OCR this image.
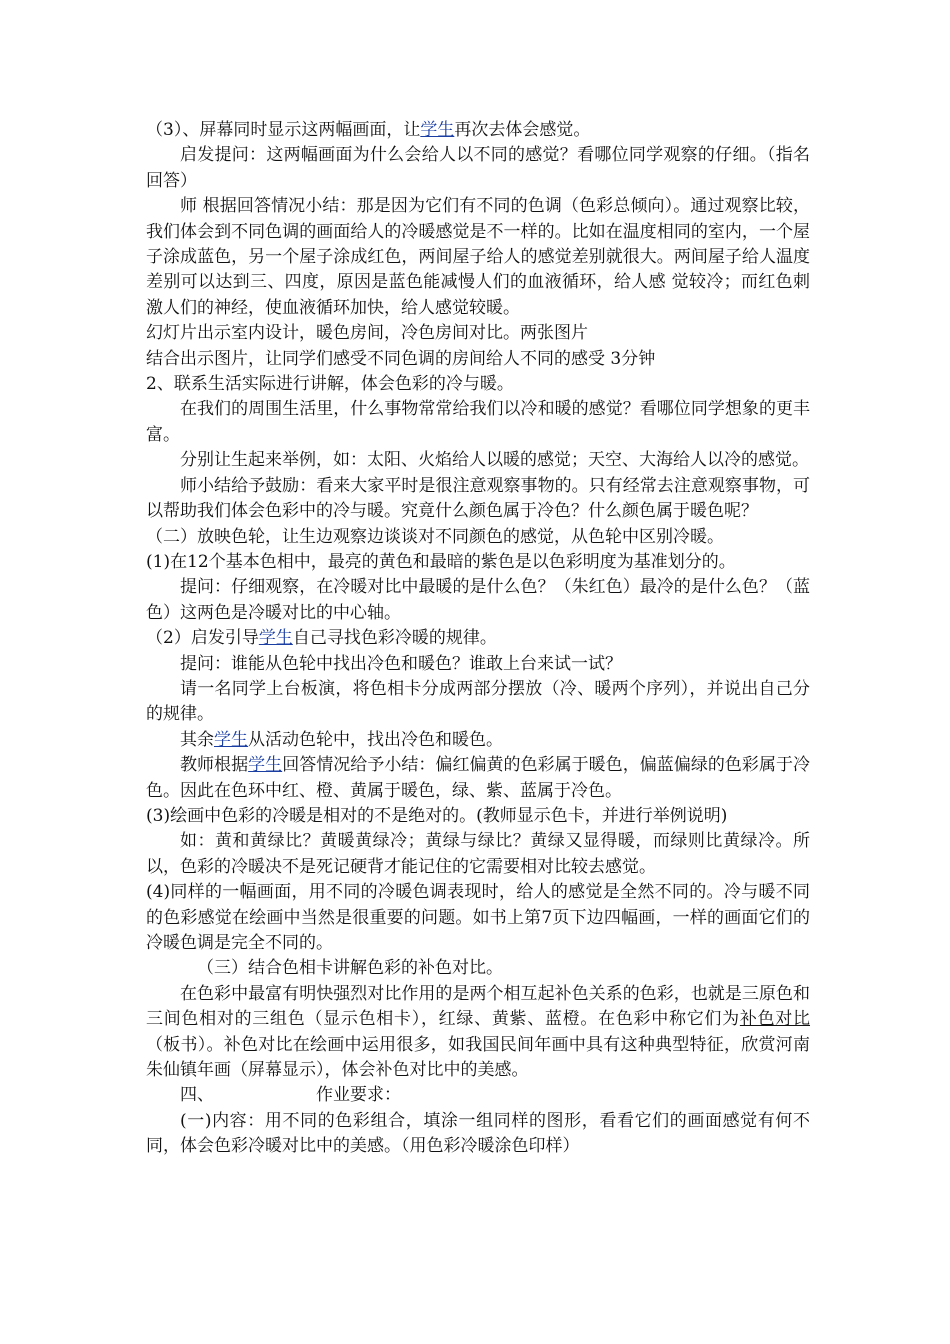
（3）、屏幕同时显示这两幅画面，让学生再次去体会感觉。

启发提问：这两幅画面为什么会给人以不同的感觉？看哪位同学观察的仔细。（指名回答）

师 根据回答情况小结：那是因为它们有不同的色调（色彩总倾向）。通过观察比较，我们体会到不同色调的画面给人的冷暖感觉是不一样的。比如在温度相同的室内，一个屋子涂成蓝色，另一个屋子涂成红色，两间屋子给人的感觉差别就很大。两间屋子给人温度差别可以达到三、四度，原因是蓝色能减慢人们的血液循环，给人感 觉较冷；而红色刺激人们的神经，使血液循环加快，给人感觉较暖。

幻灯片出示室内设计，暖色房间，冷色房间对比。两张图片

结合出示图片，让同学们感受不同色调的房间给人不同的感受 3分钟

2、联系生活实际进行讲解，体会色彩的冷与暖。

在我们的周围生活里，什么事物常常给我们以冷和暖的感觉？看哪位同学想象的更丰富。

分别让生起来举例，如：太阳、火焰给人以暖的感觉；天空、大海给人以冷的感觉。

师小结给予鼓励：看来大家平时是很注意观察事物的。只有经常去注意观察事物，可以帮助我们体会色彩中的冷与暖。究竟什么颜色属于冷色？什么颜色属于暖色呢？

（二）放映色轮，让生边观察边谈谈对不同颜色的感觉，从色轮中区别冷暖。

(1)在12个基本色相中，最亮的黄色和最暗的紫色是以色彩明度为基准划分的。

提问：仔细观察，在冷暖对比中最暖的是什么色？（朱红色）最冷的是什么色？（蓝色）这两色是冷暖对比的中心轴。

（2）启发引导学生自己寻找色彩冷暖的规律。

提问：谁能从色轮中找出冷色和暖色？谁敢上台来试一试？

请一名同学上台板演，将色相卡分成两部分摆放（冷、暖两个序列），并说出自己分的规律。

其余学生从活动色轮中，找出冷色和暖色。

教师根据学生回答情况给予小结：偏红偏黄的色彩属于暖色，偏蓝偏绿的色彩属于冷色。因此在色环中红、橙、黄属于暖色，绿、紫、蓝属于冷色。

(3)绘画中色彩的冷暖是相对的不是绝对的。(教师显示色卡，并进行举例说明)

如：黄和黄绿比？黄暖黄绿冷；黄绿与绿比？黄绿又显得暖，而绿则比黄绿冷。所以，色彩的冷暖决不是死记硬背才能记住的它需要相对比较去感觉。

(4)同样的一幅画面，用不同的冷暖色调表现时，给人的感觉是全然不同的。冷与暖不同的色彩感觉在绘画中当然是很重要的问题。如书上第7页下边四幅画，一样的画面它们的冷暖色调是完全不同的。

（三）结合色相卡讲解色彩的补色对比。

在色彩中最富有明快强烈对比作用的是两个相互起补色关系的色彩，也就是三原色和三间色相对的三组色（显示色相卡），红绿、黄紫、蓝橙。在色彩中称它们为补色对比（板书）。补色对比在绘画中运用很多，如我国民间年画中具有这种典型特征，欣赏河南朱仙镇年画（屏幕显示），体会补色对比中的美感。

四、	作业要求：

(一)内容：用不同的色彩组合，填涂一组同样的图形，看看它们的画面感觉有何不同，体会色彩冷暖对比中的美感。（用色彩冷暖涂色印样）
